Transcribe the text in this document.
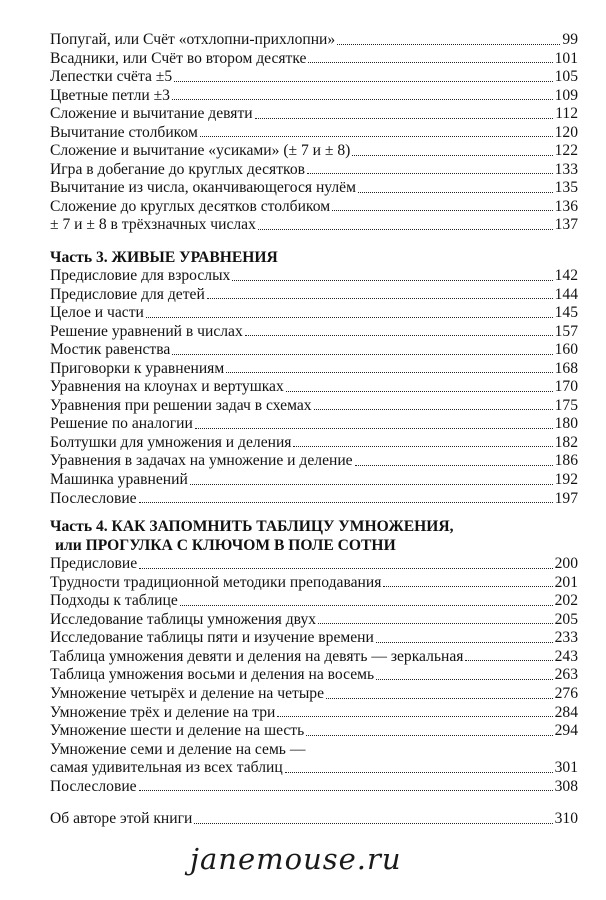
Попугай, или Счёт «отхлопни-прихлопни»	99
Всадники, или Счёт во втором десятке	101
Лепестки счёта ±5	105
Цветные петли ±3	109
Сложение и вычитание девяти	112
Вычитание столбиком	120
Сложение и вычитание «усиками» (± 7 и ± 8)	122
Игра в добегание до круглых десятков	133
Вычитание из числа, оканчивающегося нулём	135
Сложение до круглых десятков столбиком	136
± 7 и ± 8 в трёхзначных числах	137
Часть 3. ЖИВЫЕ УРАВНЕНИЯ
Предисловие для взрослых	142
Предисловие для детей	144
Целое и части	145
Решение уравнений в числах	157
Мостик равенства	160
Приговорки к уравнениям	168
Уравнения на клоунах и вертушках	170
Уравнения при решении задач в схемах	175
Решение по аналогии	180
Болтушки для умножения и деления	182
Уравнения в задачах на умножение и деление	186
Машинка уравнений	192
Послесловие	197
Часть 4. КАК ЗАПОМНИТЬ ТАБЛИЦУ УМНОЖЕНИЯ,
или ПРОГУЛКА С КЛЮЧОМ В ПОЛЕ СОТНИ
Предисловие	200
Трудности традиционной методики преподавания	201
Подходы к таблице	202
Исследование таблицы умножения двух	205
Исследование таблицы пяти и изучение времени	233
Таблица умножения девяти и деления на девять — зеркальная	243
Таблица умножения восьми и деления на восемь	263
Умножение четырёх и деление на четыре	276
Умножение трёх и деление на три	284
Умножение шести и деление на шесть	294
Умножение семи и деление на семь —
самая удивительная из всех таблиц	301
Послесловие	308
Об авторе этой книги	310
janemouse.ru
